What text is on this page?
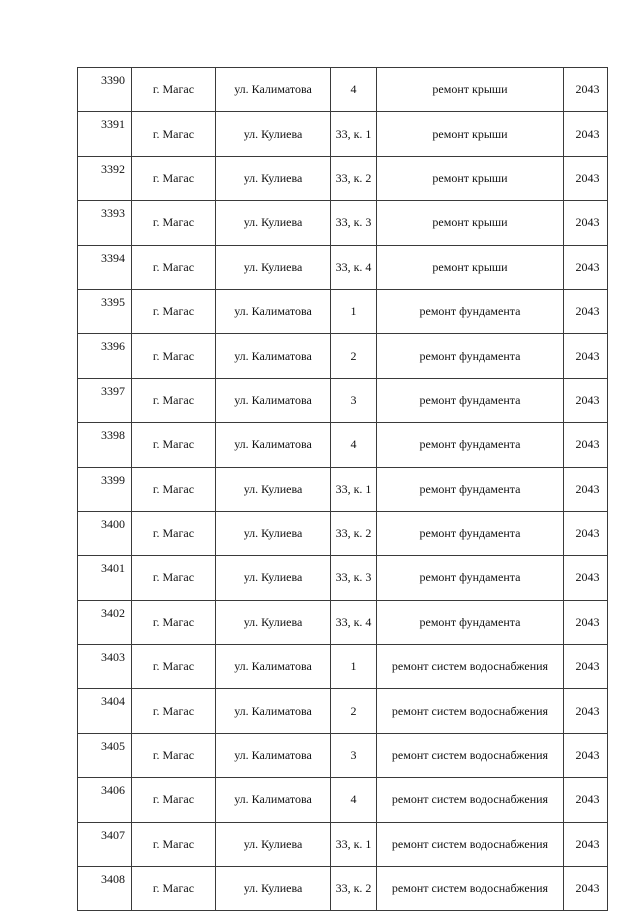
3390	г. Магас	ул. Калиматова	4	ремонт крыши	2043
3391	г. Магас	ул. Кулиева	33, к. 1	ремонт крыши	2043
3392	г. Магас	ул. Кулиева	33, к. 2	ремонт крыши	2043
3393	г. Магас	ул. Кулиева	33, к. 3	ремонт крыши	2043
3394	г. Магас	ул. Кулиева	33, к. 4	ремонт крыши	2043
3395	г. Магас	ул. Калиматова	1	ремонт фундамента	2043
3396	г. Магас	ул. Калиматова	2	ремонт фундамента	2043
3397	г. Магас	ул. Калиматова	3	ремонт фундамента	2043
3398	г. Магас	ул. Калиматова	4	ремонт фундамента	2043
3399	г. Магас	ул. Кулиева	33, к. 1	ремонт фундамента	2043
3400	г. Магас	ул. Кулиева	33, к. 2	ремонт фундамента	2043
3401	г. Магас	ул. Кулиева	33, к. 3	ремонт фундамента	2043
3402	г. Магас	ул. Кулиева	33, к. 4	ремонт фундамента	2043
3403	г. Магас	ул. Калиматова	1	ремонт систем водоснабжения	2043
3404	г. Магас	ул. Калиматова	2	ремонт систем водоснабжения	2043
3405	г. Магас	ул. Калиматова	3	ремонт систем водоснабжения	2043
3406	г. Магас	ул. Калиматова	4	ремонт систем водоснабжения	2043
3407	г. Магас	ул. Кулиева	33, к. 1	ремонт систем водоснабжения	2043
3408	г. Магас	ул. Кулиева	33, к. 2	ремонт систем водоснабжения	2043
